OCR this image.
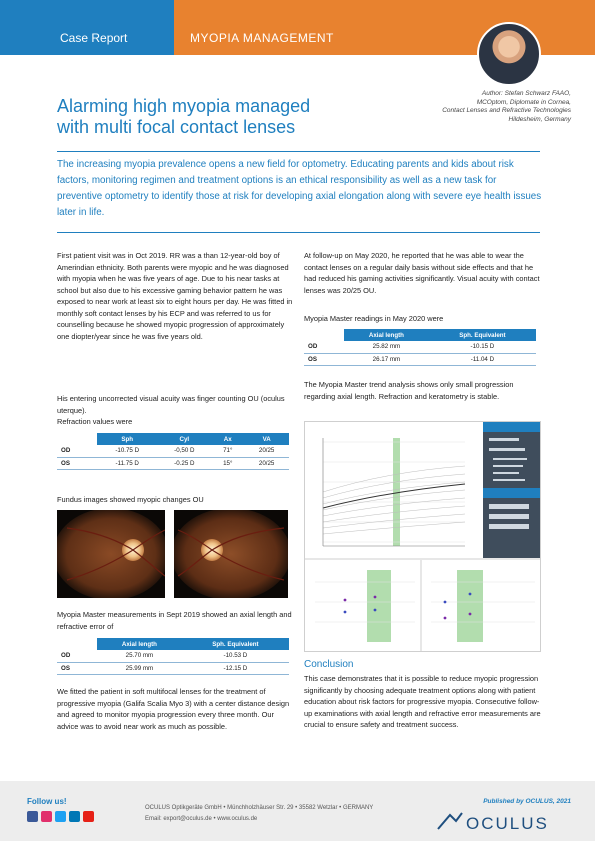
Case Report	MYOPIA MANAGEMENT
Author: Stefan Schwarz FAAO,
MCOptom, Diplomate in Cornea,
Contact Lenses and Refractive Technologies
Hildesheim, Germany
Alarming high myopia managed
with multi focal contact lenses
The increasing myopia prevalence opens a new field for optometry. Educating parents and kids about risk factors, monitoring regimen and treatment options is an ethical responsibility as well as a new task for preventive optometry to identify those at risk for developing axial elongation along with severe eye health issues later in life.
First patient visit was in Oct 2019. RR was a than 12-year-old boy of Amerindian ethnicity. Both parents were myopic and he was diagnosed with myopia when he was five years of age. Due to his near tasks at school but also due to his excessive gaming behavior pattern he was exposed to near work at least six to eight hours per day. He was fitted in monthly soft contact lenses by his ECP and was referred to us for counselling because he showed myopic progression of approximately one diopter/year since he was five years old.

His entering uncorrected visual acuity was finger counting OU (oculus uterque).

Refraction values were

	Sph	Cyl	Ax	VA
OD	-10.75 D	-0,50 D	71°	20/25
OS	-11.75 D	-0.25 D	15°	20/25
Fundus images showed myopic changes OU
Myopia Master measurements in Sept 2019 showed an axial length and refractive error of
	Axial length	Sph. Equivalent
OD	25.70 mm	-10.53 D
OS	25.99 mm	-12.15 D
We fitted the patient in soft multifocal lenses for the treatment of progressive myopia (Galifa Scalia Myo 3) with a center distance design and agreed to monitor myopia progression every three month. Our advice was to avoid near work as much as possible.
At follow-up on May 2020, he reported that he was able to wear the contact lenses on a regular daily basis without side effects and that he had reduced his gaming activities significantly. Visual acuity with contact lenses was 20/25 OU.
Myopia Master readings in May 2020 were
	Axial length	Sph. Equivalent
OD	25.82 mm	-10.15 D
OS	26.17 mm	-11.04 D
The Myopia Master trend analysis shows only small progression regarding axial length. Refraction and keratometry is stable.
Conclusion
This case demonstrates that it is possible to reduce myopic progression significantly by choosing adequate treatment options along with patient education about risk factors for progressive myopia. Consecutive follow-up examinations with axial length and refractive error measurements are crucial to ensure safety and treatment success.
Follow us!
OCULUS Optikgeräte GmbH • Münchholzhäuser Str. 29 • 35582 Wetzlar • GERMANY
Email: export@oculus.de • www.oculus.de
Published by OCULUS, 2021
OCULUS
